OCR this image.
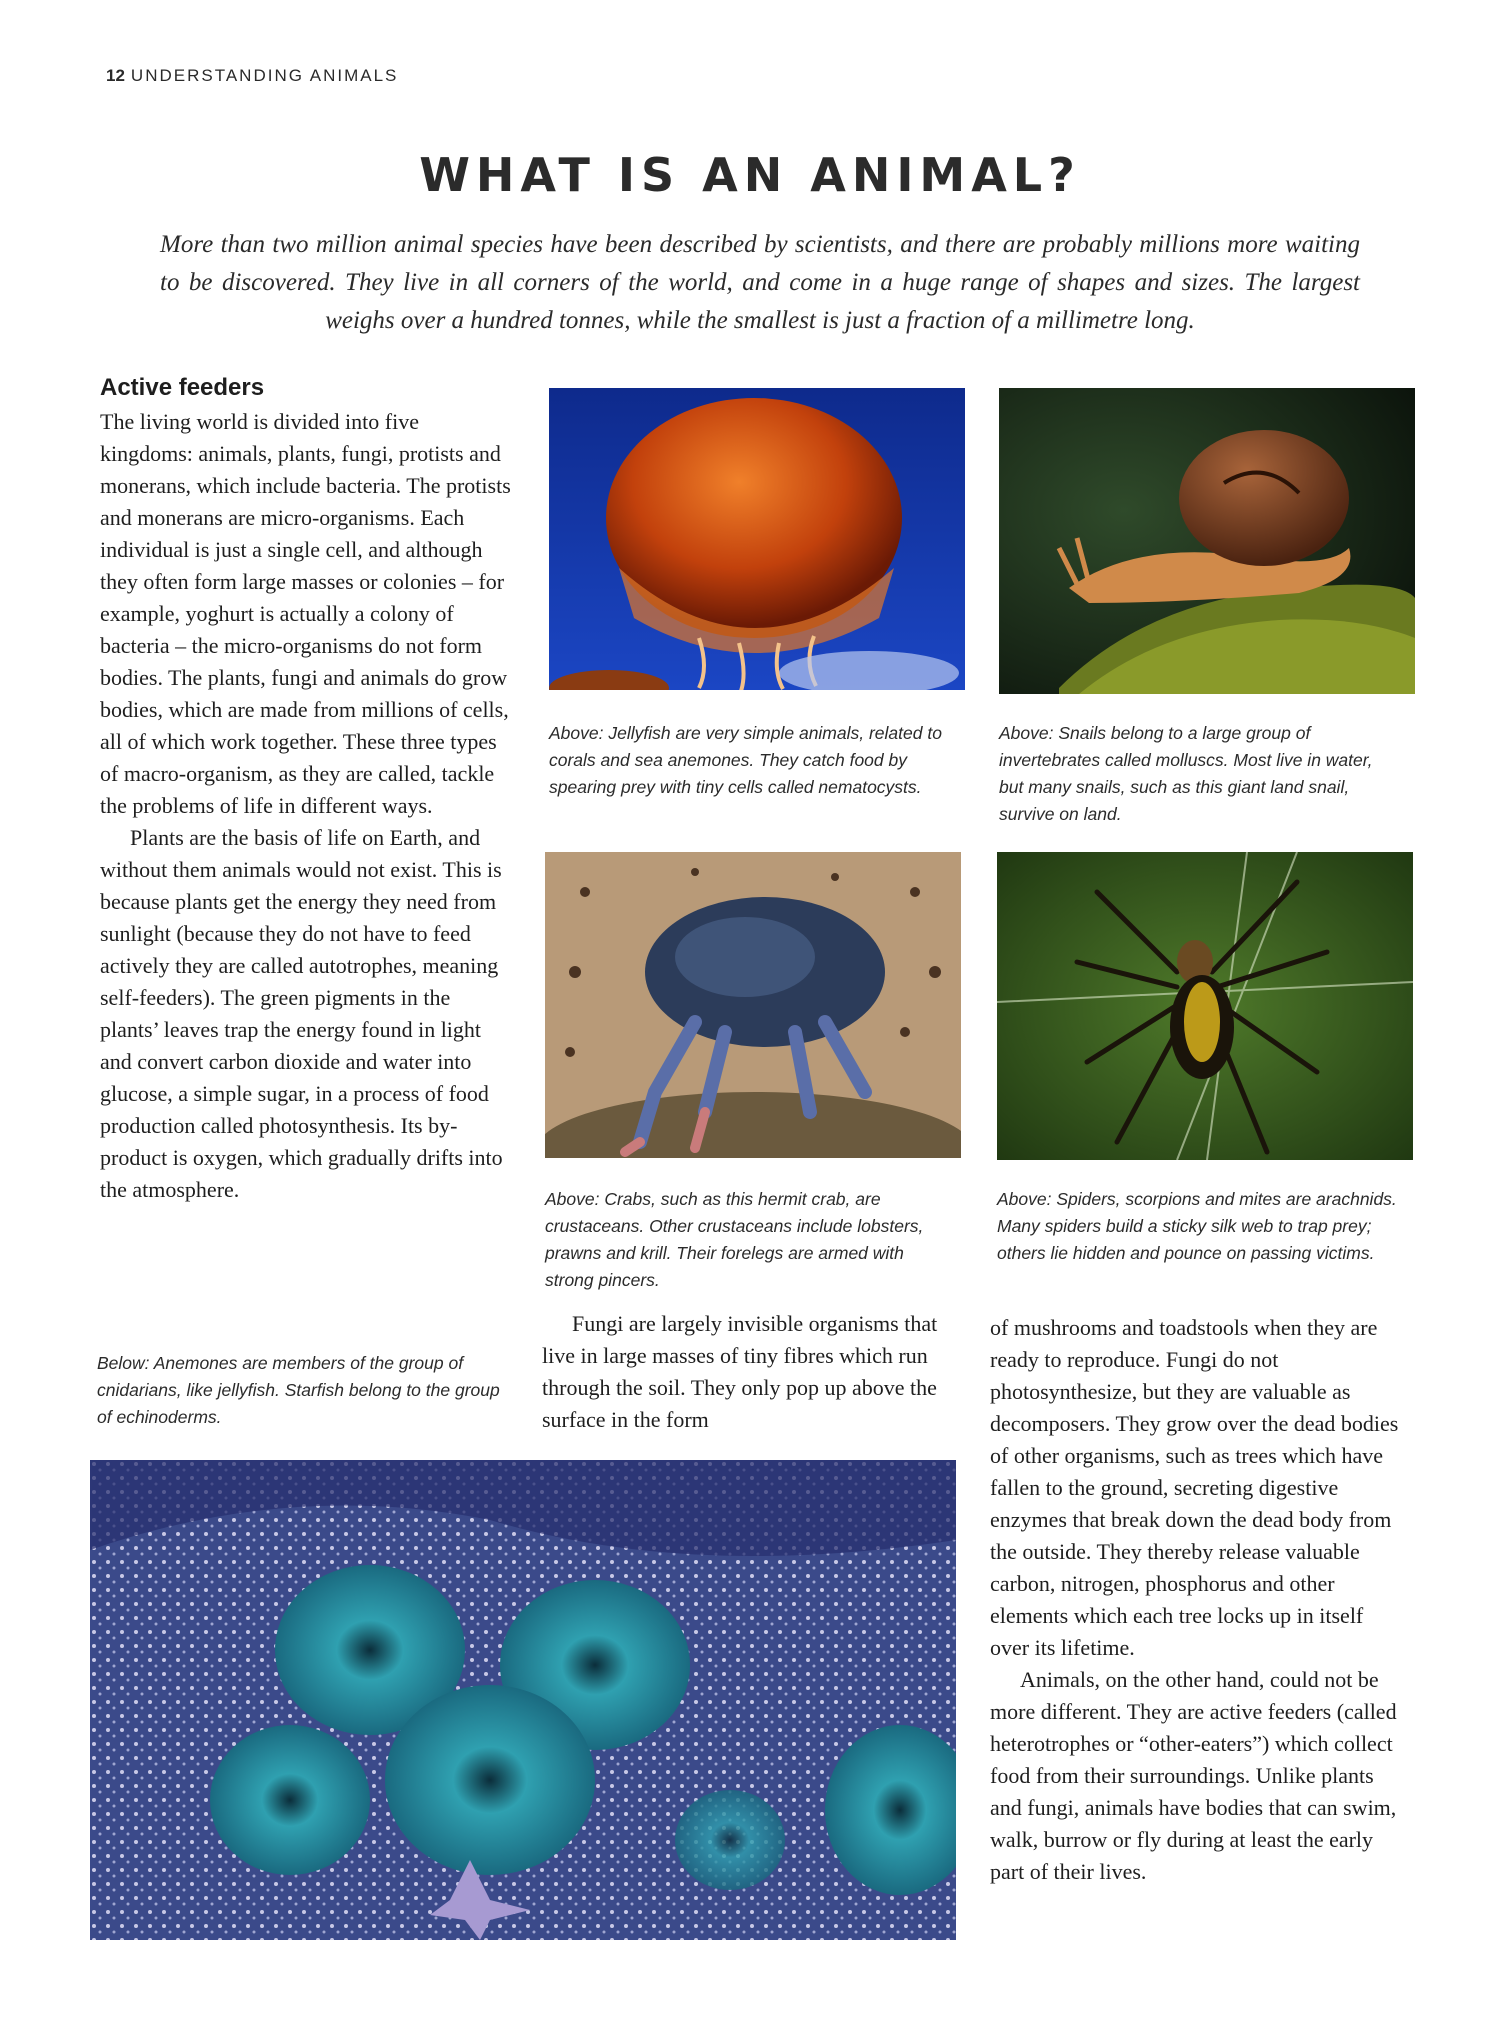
12 UNDERSTANDING ANIMALS
WHAT IS AN ANIMAL?
More than two million animal species have been described by scientists, and there are probably millions more waiting to be discovered. They live in all corners of the world, and come in a huge range of shapes and sizes. The largest weighs over a hundred tonnes, while the smallest is just a fraction of a millimetre long.
Active feeders

The living world is divided into five kingdoms: animals, plants, fungi, protists and monerans, which include bacteria. The protists and monerans are micro-organisms. Each individual is just a single cell, and although they often form large masses or colonies – for example, yoghurt is actually a colony of bacteria – the micro-organisms do not form bodies. The plants, fungi and animals do grow bodies, which are made from millions of cells, all of which work together. These three types of macro-organism, as they are called, tackle the problems of life in different ways.

Plants are the basis of life on Earth, and without them animals would not exist. This is because plants get the energy they need from sunlight (because they do not have to feed actively they are called autotrophes, meaning self-feeders). The green pigments in the plants’ leaves trap the energy found in light and convert carbon dioxide and water into glucose, a simple sugar, in a process of food production called photosynthesis. Its by-product is oxygen, which gradually drifts into the atmosphere.

Above: Jellyfish are very simple animals, related to corals and sea anemones. They catch food by spearing prey with tiny cells called nematocysts.
Above: Snails belong to a large group of invertebrates called molluscs. Most live in water, but many snails, such as this giant land snail, survive on land.
Above: Crabs, such as this hermit crab, are crustaceans. Other crustaceans include lobsters, prawns and krill. Their forelegs are armed with strong pincers.
Above: Spiders, scorpions and mites are arachnids. Many spiders build a sticky silk web to trap prey; others lie hidden and pounce on passing victims.
Below: Anemones are members of the group of cnidarians, like jellyfish. Starfish belong to the group of echinoderms.

Fungi are largely invisible organisms that live in large masses of tiny fibres which run through the soil. They only pop up above the surface in the form

of mushrooms and toadstools when they are ready to reproduce. Fungi do not photosynthesize, but they are valuable as decomposers. They grow over the dead bodies of other organisms, such as trees which have fallen to the ground, secreting digestive enzymes that break down the dead body from the outside. They thereby release valuable carbon, nitrogen, phosphorus and other elements which each tree locks up in itself over its lifetime.

Animals, on the other hand, could not be more different. They are active feeders (called heterotrophes or “other-eaters”) which collect food from their surroundings. Unlike plants and fungi, animals have bodies that can swim, walk, burrow or fly during at least the early part of their lives.
